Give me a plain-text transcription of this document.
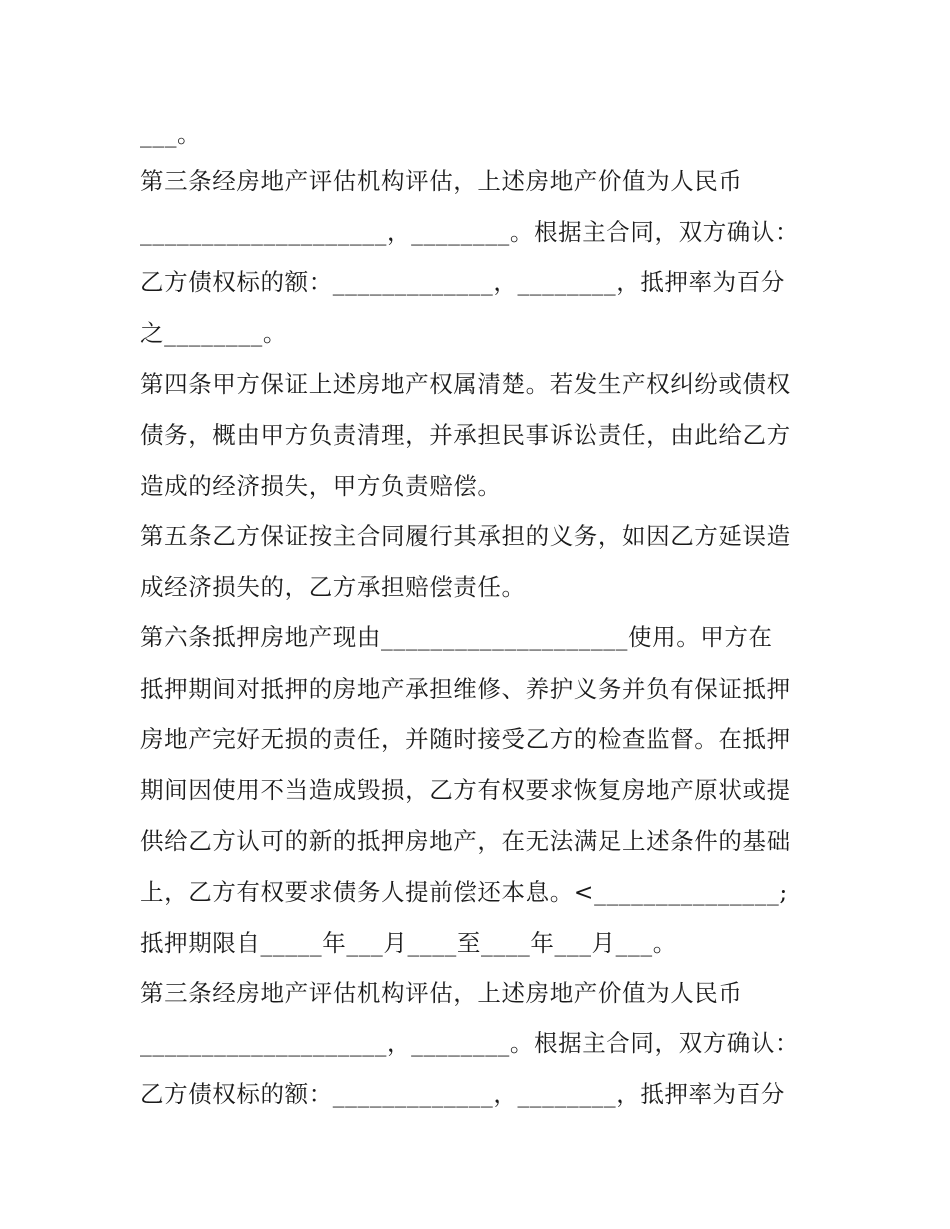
___。
第三条经房地产评估机构评估，上述房地产价值为人民币
____________________，________。根据主合同，双方确认：
乙方债权标的额：_____________，________，抵押率为百分
之________。
第四条甲方保证上述房地产权属清楚。若发生产权纠纷或债权
债务，概由甲方负责清理，并承担民事诉讼责任，由此给乙方
造成的经济损失，甲方负责赔偿。
第五条乙方保证按主合同履行其承担的义务，如因乙方延误造
成经济损失的，乙方承担赔偿责任。
第六条抵押房地产现由____________________使用。甲方在
抵押期间对抵押的房地产承担维修、养护义务并负有保证抵押
房地产完好无损的责任，并随时接受乙方的检查监督。在抵押
期间因使用不当造成毁损，乙方有权要求恢复房地产原状或提
供给乙方认可的新的抵押房地产，在无法满足上述条件的基础
上，乙方有权要求债务人提前偿还本息。<_______________;
抵押期限自_____年___月____至____年___月___。
第三条经房地产评估机构评估，上述房地产价值为人民币
____________________，________。根据主合同，双方确认：
乙方债权标的额：_____________，________，抵押率为百分
